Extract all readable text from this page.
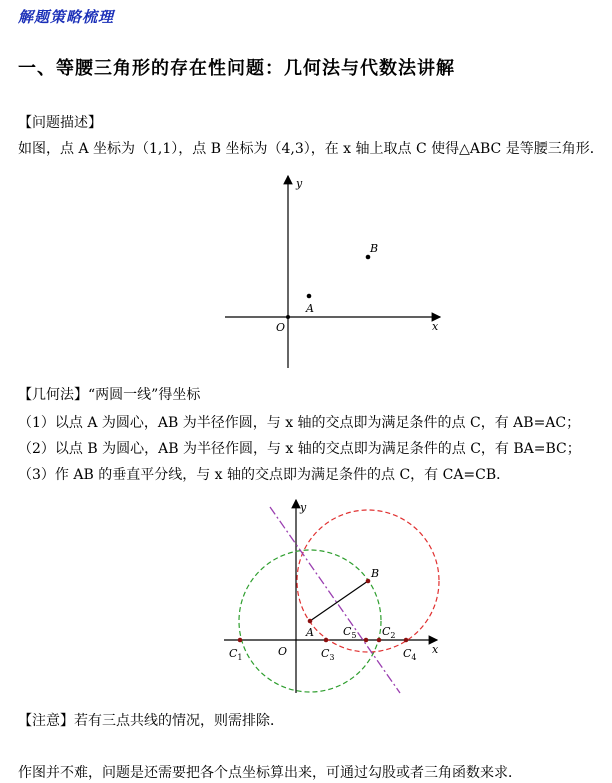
解题策略梳理
一、等腰三角形的存在性问题：几何法与代数法讲解
【问题描述】
如图，点 A 坐标为（1,1），点 B 坐标为（4,3），在 x 轴上取点 C 使得△ABC 是等腰三角形．
y
x
O
A
B
【几何法】“两圆一线”得坐标
（1）以点 A 为圆心，AB 为半径作圆，与 x 轴的交点即为满足条件的点 C，有 AB=AC；
（2）以点 B 为圆心，AB 为半径作圆，与 x 轴的交点即为满足条件的点 C，有 BA=BC；
（3）作 AB 的垂直平分线，与 x 轴的交点即为满足条件的点 C，有 CA=CB．
y
x
O
A
B
$C_1$	$C_3$
$C_5$ $C_2$
$C_4$
【注意】若有三点共线的情况，则需排除．
作图并不难，问题是还需要把各个点坐标算出来，可通过勾股或者三角函数来求．
